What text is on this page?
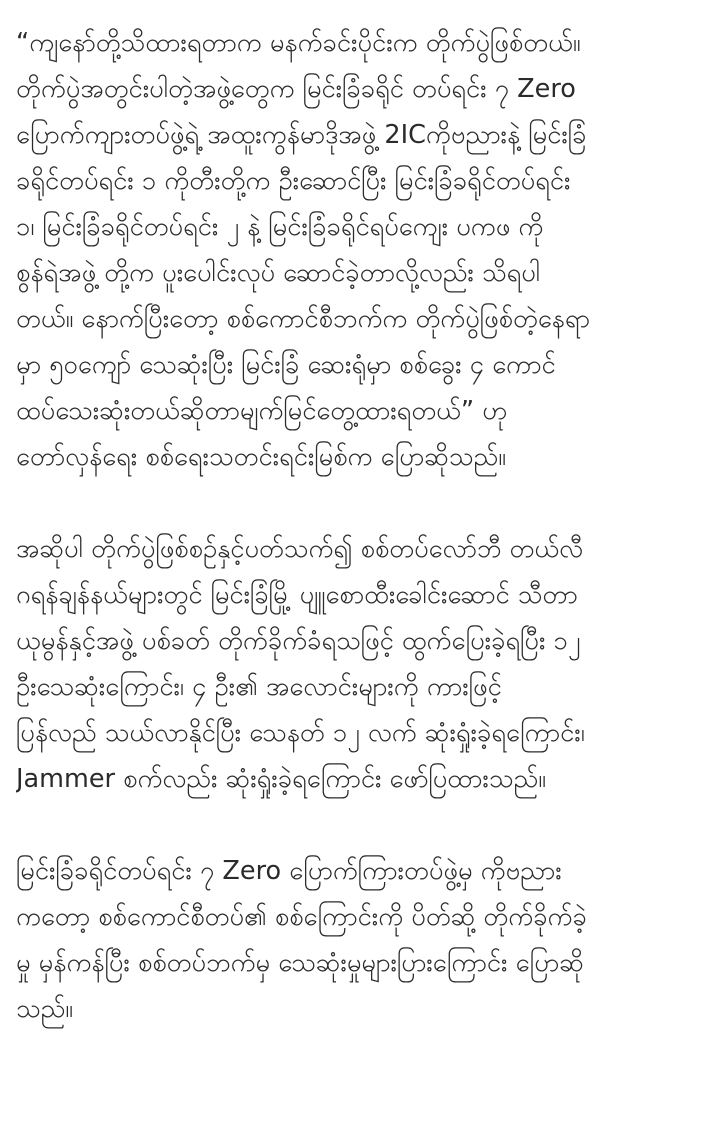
“ကျနော်တို့သိထားရတာက မနက်ခင်းပိုင်းက တိုက်ပွဲဖြစ်တယ်။
တိုက်ပွဲအတွင်းပါတဲ့အဖွဲ့တွေက မြင်းခြံခရိုင် တပ်ရင်း ၇ Zero
ပြောက်ကျားတပ်ဖွဲ့ရဲ့ အထူးကွန်မာဒိုအဖွဲ့ 2ICကိုဗညားနဲ့ မြင်းခြံ
ခရိုင်တပ်ရင်း ၁ ကိုတီးတို့က ဦးဆောင်ပြီး မြင်းခြံခရိုင်တပ်ရင်း
၁၊ မြင်းခြံခရိုင်တပ်ရင်း ၂ နဲ့ မြင်းခြံခရိုင်ရပ်ကျေး ပကဖ ကို
စွန်ရဲအဖွဲ့ တို့က ပူးပေါင်းလုပ် ဆောင်ခဲ့တာလို့လည်း သိရပါ
တယ်။ နောက်ပြီးတော့ စစ်ကောင်စီဘက်က တိုက်ပွဲဖြစ်တဲ့နေရာ
မှာ ၅၀ကျော် သေဆုံးပြီး မြင်းခြံ ဆေးရုံမှာ စစ်ခွေး ၄ ကောင်
ထပ်သေးဆုံးတယ်ဆိုတာမျက်မြင်တွေ့ထားရတယ်” ဟု
တော်လှန်ရေး စစ်ရေးသတင်းရင်းမြစ်က ပြောဆိုသည်။

အဆိုပါ တိုက်ပွဲဖြစ်စဉ်နှင့်ပတ်သက်၍ စစ်တပ်လော်ဘီ တယ်လီ
ဂရန်ချန်နယ်များတွင် မြင်းခြံမြို့ ပျူစောထီးခေါင်းဆောင် သီတာ
ယုမွန်နှင့်အဖွဲ့ ပစ်ခတ် တိုက်ခိုက်ခံရသဖြင့် ထွက်ပြေးခဲ့ရပြီး ၁၂
ဦးသေဆုံးကြောင်း၊ ၄ ဦး၏ အလောင်းများကို ကားဖြင့်
ပြန်လည် သယ်လာနိုင်ပြီး သေနတ် ၁၂ လက် ဆုံးရှုံးခဲ့ရကြောင်း၊
Jammer စက်လည်း ဆုံးရှုံးခဲ့ရကြောင်း ဖော်ပြထားသည်။

မြင်းခြံခရိုင်တပ်ရင်း ၇ Zero ပြောက်ကြားတပ်ဖွဲ့မှ ကိုဗညား
ကတော့ စစ်ကောင်စီတပ်၏ စစ်ကြောင်းကို ပိတ်ဆို့ တိုက်ခိုက်ခဲ့
မှု မှန်ကန်ပြီး စစ်တပ်ဘက်မှ သေဆုံးမှုများပြားကြောင်း ပြောဆို
သည်။
